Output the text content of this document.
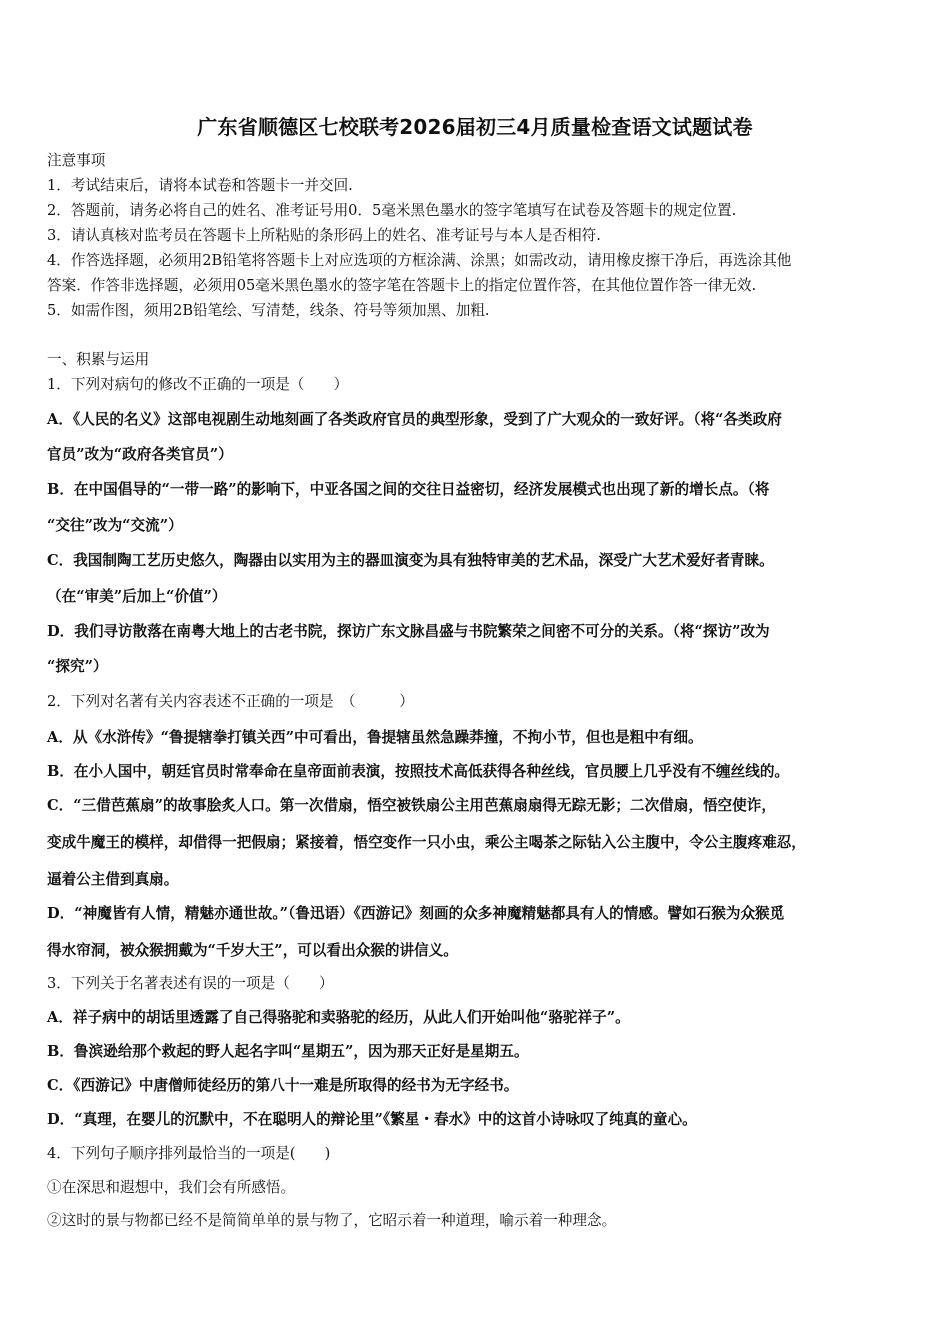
广东省顺德区七校联考2026届初三4月质量检查语文试题试卷
注意事项
1．考试结束后，请将本试卷和答题卡一并交回.
2．答题前，请务必将自己的姓名、准考证号用0．5毫米黑色墨水的签字笔填写在试卷及答题卡的规定位置.
3．请认真核对监考员在答题卡上所粘贴的条形码上的姓名、准考证号与本人是否相符.
4．作答选择题，必须用2B铅笔将答题卡上对应选项的方框涂满、涂黑；如需改动，请用橡皮擦干净后，再选涂其他
答案．作答非选择题，必须用05毫米黑色墨水的签字笔在答题卡上的指定位置作答，在其他位置作答一律无效.
5．如需作图，须用2B铅笔绘、写清楚，线条、符号等须加黑、加粗.
一、积累与运用
1．下列对病句的修改不正确的一项是（　　）
A．《人民的名义》这部电视剧生动地刻画了各类政府官员的典型形象，受到了广大观众的一致好评。（将“各类政府
官员”改为“政府各类官员”）
B．在中国倡导的“一带一路”的影响下，中亚各国之间的交往日益密切，经济发展模式也出现了新的增长点。（将
“交往”改为“交流”）
C．我国制陶工艺历史悠久，陶器由以实用为主的器皿演变为具有独特审美的艺术品，深受广大艺术爱好者青睐。
（在“审美”后加上“价值”）
D．我们寻访散落在南粤大地上的古老书院，探访广东文脉昌盛与书院繁荣之间密不可分的关系。（将“探访”改为
“探究”）
2．下列对名著有关内容表述不正确的一项是　（　　　）
A．从《水浒传》“鲁提辖拳打镇关西”中可看出，鲁提辖虽然急躁莽撞，不拘小节，但也是粗中有细。
B．在小人国中，朝廷官员时常奉命在皇帝面前表演，按照技术高低获得各种丝线，官员腰上几乎没有不缠丝线的。
C．“三借芭蕉扇”的故事脍炙人口。第一次借扇，悟空被铁扇公主用芭蕉扇扇得无踪无影；二次借扇，悟空使诈，
变成牛魔王的模样，却借得一把假扇；紧接着，悟空变作一只小虫，乘公主喝茶之际钻入公主腹中，令公主腹疼难忍，
逼着公主借到真扇。
D．“神魔皆有人情，精魅亦通世故。”（鲁迅语）《西游记》刻画的众多神魔精魅都具有人的情感。譬如石猴为众猴觅
得水帘洞，被众猴拥戴为“千岁大王”，可以看出众猴的讲信义。
3．下列关于名著表述有误的一项是（　　）
A．祥子病中的胡话里透露了自己得骆驼和卖骆驼的经历，从此人们开始叫他“骆驼祥子”。
B．鲁滨逊给那个救起的野人起名字叫“星期五”，因为那天正好是星期五。
C．《西游记》中唐僧师徒经历的第八十一难是所取得的经书为无字经书。
D．“真理，在婴儿的沉默中，不在聪明人的辩论里”《繁星・春水》中的这首小诗咏叹了纯真的童心。
4．下列句子顺序排列最恰当的一项是(　　)
①在深思和遐想中，我们会有所感悟。
②这时的景与物都已经不是简简单单的景与物了，它昭示着一种道理，喻示着一种理念。
